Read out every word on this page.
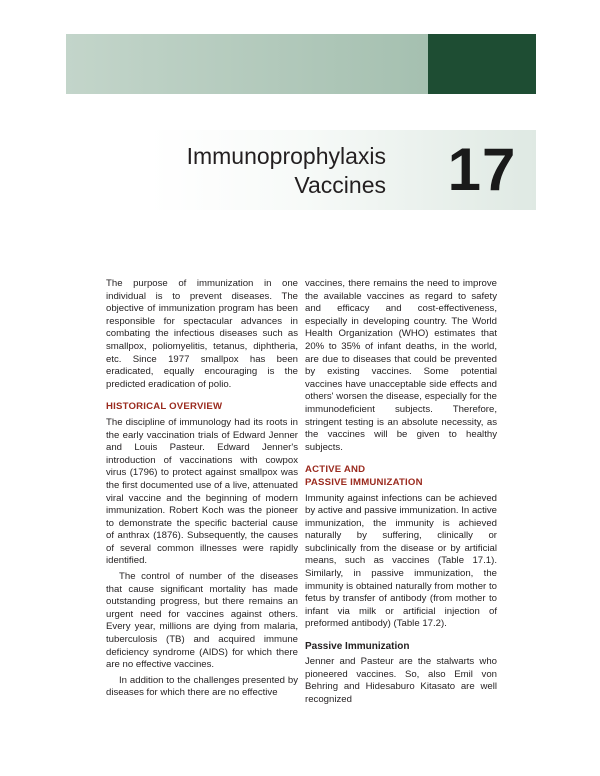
Immunoprophylaxis
Vaccines	17

The purpose of immunization in one individual is to prevent diseases. The objective of immunization program has been responsible for spectacular advances in combating the infectious diseases such as smallpox, poliomyelitis, tetanus, diphtheria, etc. Since 1977 smallpox has been eradicated, equally encouraging is the predicted eradication of polio.

HISTORICAL OVERVIEW

The discipline of immunology had its roots in the early vaccination trials of Edward Jenner and Louis Pasteur. Edward Jenner's introduction of vaccinations with cowpox virus (1796) to protect against smallpox was the first documented use of a live, attenuated viral vaccine and the beginning of modern immunization. Robert Koch was the pioneer to demonstrate the specific bacterial cause of anthrax (1876). Subsequently, the causes of several common illnesses were rapidly identified.

The control of number of the diseases that cause significant mortality has made outstanding progress, but there remains an urgent need for vaccines against others. Every year, millions are dying from malaria, tuberculosis (TB) and acquired immune deficiency syndrome (AIDS) for which there are no effective vaccines.

In addition to the challenges presented by diseases for which there are no effective

vaccines, there remains the need to improve the available vaccines as regard to safety and efficacy and cost-effectiveness, especially in developing country. The World Health Organization (WHO) estimates that 20% to 35% of infant deaths, in the world, are due to diseases that could be prevented by existing vaccines. Some potential vaccines have unacceptable side effects and others' worsen the disease, especially for the immunodeficient subjects. Therefore, stringent testing is an absolute necessity, as the vaccines will be given to healthy subjects.

ACTIVE AND
PASSIVE IMMUNIZATION

Immunity against infections can be achieved by active and passive immunization. In active immunization, the immunity is achieved naturally by suffering, clinically or subclinically from the disease or by artificial means, such as vaccines (Table 17.1). Similarly, in passive immunization, the immunity is obtained naturally from mother to fetus by transfer of antibody (from mother to infant via milk or artificial injection of preformed antibody) (Table 17.2).

Passive Immunization

Jenner and Pasteur are the stalwarts who pioneered vaccines. So, also Emil von Behring and Hidesaburo Kitasato are well recognized
